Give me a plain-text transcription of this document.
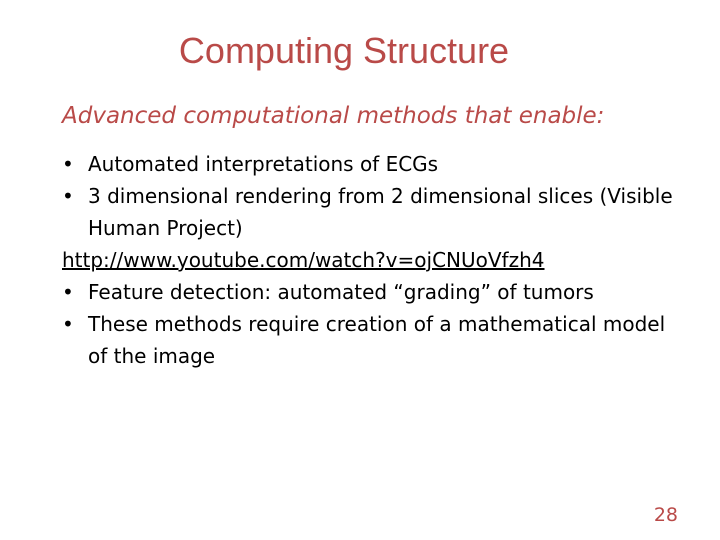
Computing Structure
Advanced computational methods that enable:
• Automated interpretations of ECGs
• 3 dimensional rendering from 2 dimensional slices (Visible Human Project)
http://www.youtube.com/watch?v=ojCNUoVfzh4
• Feature detection: automated “grading” of tumors
• These methods require creation of a mathematical model of the image
28
